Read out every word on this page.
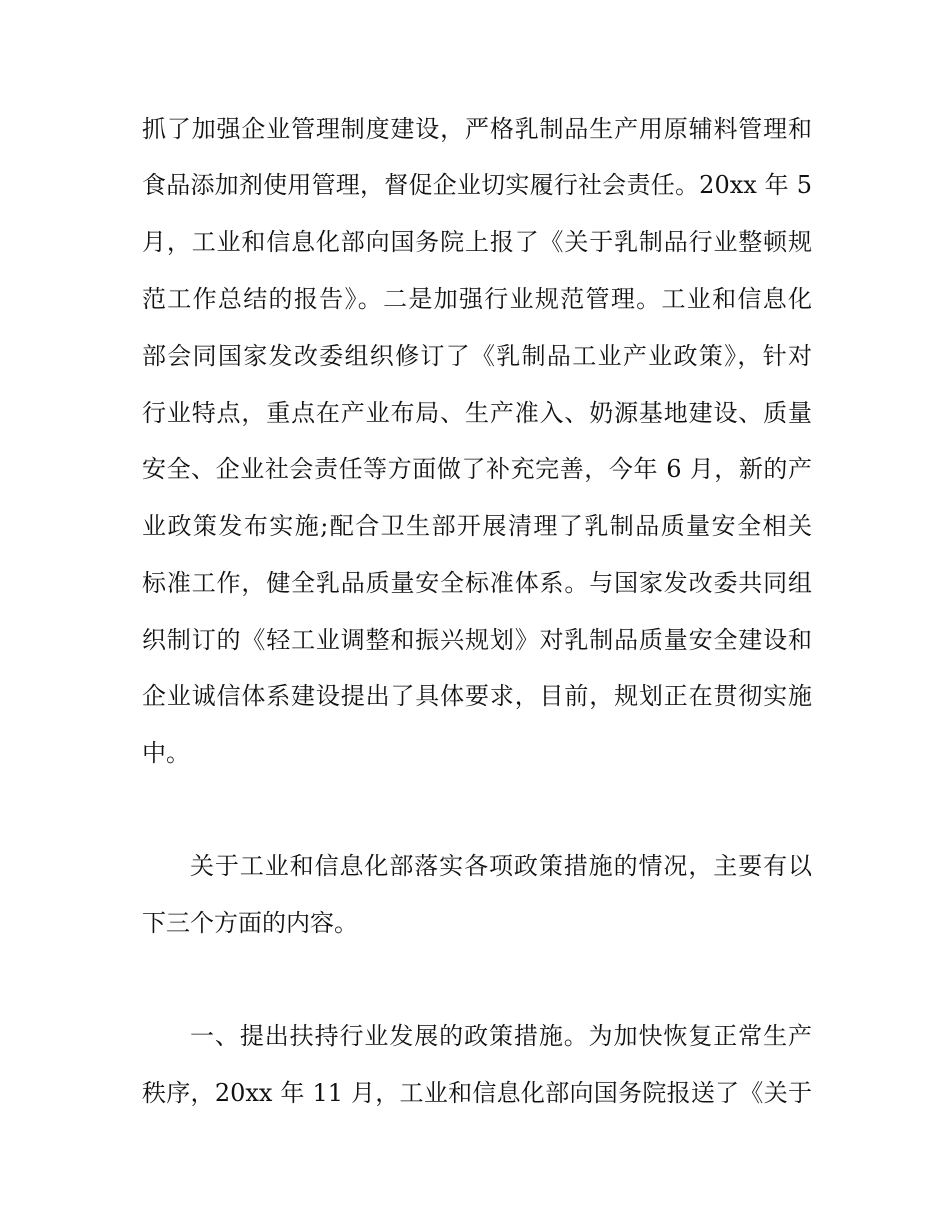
抓了加强企业管理制度建设，严格乳制品生产用原辅料管理和
食品添加剂使用管理，督促企业切实履行社会责任。20xx 年 5
月，工业和信息化部向国务院上报了《关于乳制品行业整顿规
范工作总结的报告》。二是加强行业规范管理。工业和信息化
部会同国家发改委组织修订了《乳制品工业产业政策》，针对
行业特点，重点在产业布局、生产准入、奶源基地建设、质量
安全、企业社会责任等方面做了补充完善，今年 6 月，新的产
业政策发布实施;配合卫生部开展清理了乳制品质量安全相关
标准工作，健全乳品质量安全标准体系。与国家发改委共同组
织制订的《轻工业调整和振兴规划》对乳制品质量安全建设和
企业诚信体系建设提出了具体要求，目前，规划正在贯彻实施
中。
关于工业和信息化部落实各项政策措施的情况，主要有以
下三个方面的内容。
一、提出扶持行业发展的政策措施。为加快恢复正常生产
秩序，20xx 年 11 月，工业和信息化部向国务院报送了《关于
